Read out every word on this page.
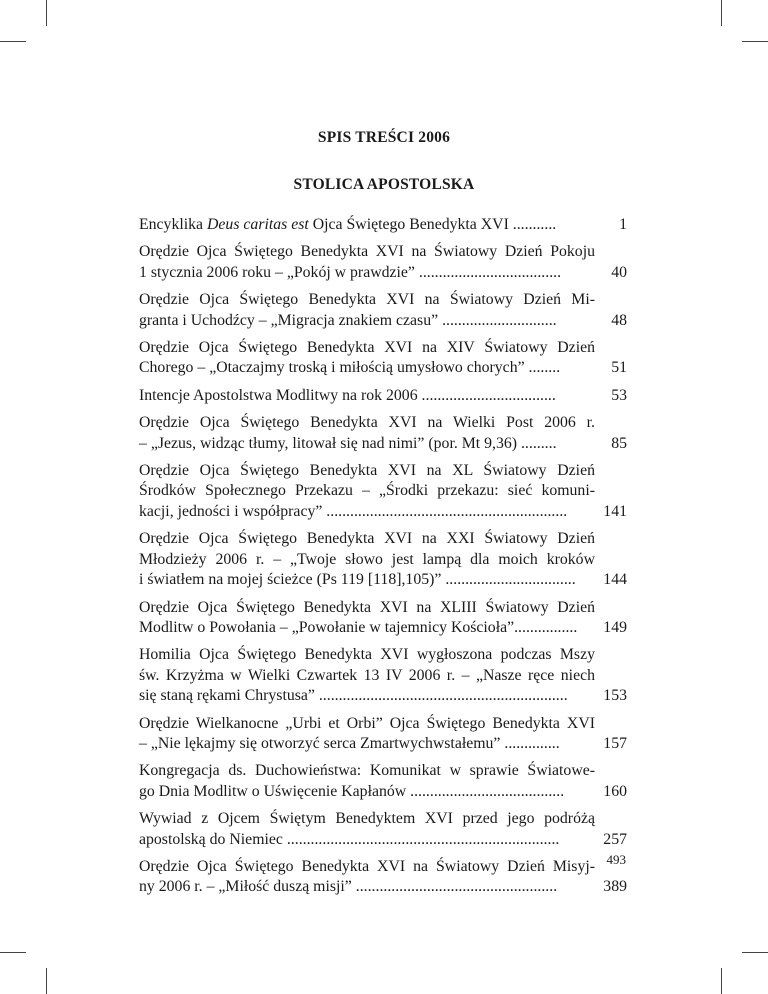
SPIS TREŚCI 2006
STOLICA APOSTOLSKA
Encyklika Deus caritas est Ojca Świętego Benedykta XVI ...........	1
Orędzie Ojca Świętego Benedykta XVI na Światowy Dzień Pokoju
1 stycznia 2006 roku – „Pokój w prawdzie” ....................................	40
Orędzie Ojca Świętego Benedykta XVI na Światowy Dzień Mi-
granta i Uchodźcy – „Migracja znakiem czasu” .............................	48
Orędzie Ojca Świętego Benedykta XVI na XIV Światowy Dzień
Chorego – „Otaczajmy troską i miłością umysłowo chorych” ........	51
Intencje Apostolstwa Modlitwy na rok 2006 ..................................	53
Orędzie Ojca Świętego Benedykta XVI na Wielki Post 2006 r.
– „Jezus, widząc tłumy, litował się nad nimi” (por. Mt 9,36) .........	85
Orędzie Ojca Świętego Benedykta XVI na XL Światowy Dzień
Środków Społecznego Przekazu – „Środki przekazu: sieć komuni-
kacji, jedności i współpracy” .............................................................	141
Orędzie Ojca Świętego Benedykta XVI na XXI Światowy Dzień
Młodzieży 2006 r. – „Twoje słowo jest lampą dla moich kroków
i światłem na mojej ścieżce (Ps 119 [118],105)” .................................	144
Orędzie Ojca Świętego Benedykta XVI na XLIII Światowy Dzień
Modlitw o Powołania – „Powołanie w tajemnicy Kościoła”................	149
Homilia Ojca Świętego Benedykta XVI wygłoszona podczas Mszy
św. Krzyżma w Wielki Czwartek 13 IV 2006 r. – „Nasze ręce niech
się staną rękami Chrystusa” ...............................................................	153
Orędzie Wielkanocne „Urbi et Orbi” Ojca Świętego Benedykta XVI
– „Nie lękajmy się otworzyć serca Zmartwychwstałemu” ..............	157
Kongregacja ds. Duchowieństwa: Komunikat w sprawie Światowe-
go Dnia Modlitw o Uświęcenie Kapłanów .......................................	160
Wywiad z Ojcem Świętym Benedyktem XVI przed jego podróżą
apostolską do Niemiec .....................................................................	257
Orędzie Ojca Świętego Benedykta XVI na Światowy Dzień Misyj-
ny 2006 r. – „Miłość duszą misji” ...................................................	389
493
